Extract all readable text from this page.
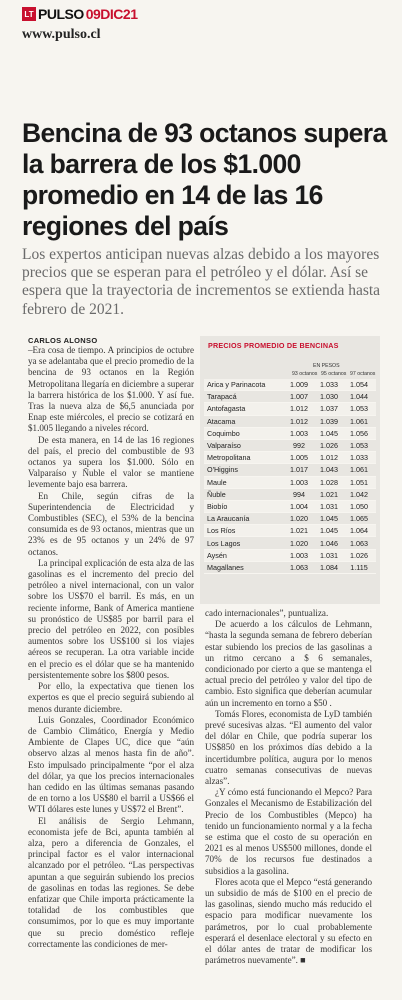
LT PULSO 09DIC21
www.pulso.cl
Bencina de 93 octanos supera la barrera de los $1.000 promedio en 14 de las 16 regiones del país

Los expertos anticipan nuevas alzas debido a los mayores precios que se esperan para el petróleo y el dólar. Así se espera que la trayectoria de incrementos se extienda hasta febrero de 2021.

CARLOS ALONSO

–Era cosa de tiempo. A principios de octubre ya se adelantaba que el precio promedio de la bencina de 93 octanos en la Región Metropolitana llegaría en diciembre a superar la barrera histórica de los $1.000. Y así fue. Tras la nueva alza de $6,5 anunciada por Enap este miércoles, el precio se cotizará en $1.005 llegando a niveles récord.

De esta manera, en 14 de las 16 regiones del país, el precio del combustible de 93 octanos ya supera los $1.000. Sólo en Valparaíso y Ñuble el valor se mantiene levemente bajo esa barrera.

En Chile, según cifras de la Superintendencia de Electricidad y Combustibles (SEC), el 53% de la bencina consumida es de 93 octanos, mientras que un 23% es de 95 octanos y un 24% de 97 octanos.

La principal explicación de esta alza de las gasolinas es el incremento del precio del petróleo a nivel internacional, con un valor sobre los US$70 el barril. Es más, en un reciente informe, Bank of America mantiene su pronóstico de US$85 por barril para el precio del petróleo en 2022, con posibles aumentos sobre los US$100 si los viajes aéreos se recuperan. La otra variable incide en el precio es el dólar que se ha mantenido persistentemente sobre los $800 pesos.

Por ello, la expectativa que tienen los expertos es que el precio seguirá subiendo al menos durante diciembre.

Luis Gonzales, Coordinador Económico de Cambio Climático, Energía y Medio Ambiente de Clapes UC, dice que “aún observo alzas al menos hasta fin de año”. Esto impulsado principalmente “por el alza del dólar, ya que los precios internacionales han cedido en las últimas semanas pasando de en torno a los US$80 el barril a US$66 el WTI dólares este lunes y US$72 el Brent”.

El análisis de Sergio Lehmann, economista jefe de Bci, apunta también al alza, pero a diferencia de Gonzales, el principal factor es el valor internacional alcanzado por el petróleo. “Las perspectivas apuntan a que seguirán subiendo los precios de gasolinas en todas las regiones. Se debe enfatizar que Chile importa prácticamente la totalidad de los combustibles que consumimos, por lo que es muy importante que su precio doméstico refleje correctamente las condiciones de mer-

PRECIOS PROMEDIO DE BENCINAS
EN PESOS
93 octanos 95 octanos 97 octanos
Arica y Parinacota	1.009	1.033	1.054
Tarapacá	1.007	1.030	1.044
Antofagasta	1.012	1.037	1.053
Atacama	1.012	1.039	1.061
Coquimbo	1.003	1.045	1.056
Valparaíso	992	1.026	1.053
Metropolitana	1.005	1.012	1.033
O'Higgins	1.017	1.043	1.061
Maule	1.003	1.028	1.051
Ñuble	994	1.021	1.042
Biobío	1.004	1.031	1.050
La Araucanía	1.020	1.045	1.065
Los Ríos	1.021	1.045	1.064
Los Lagos	1.020	1.046	1.063
Aysén	1.003	1.031	1.026
Magallanes	1.063	1.084	1.115

cado internacionales”, puntualiza.

De acuerdo a los cálculos de Lehmann, “hasta la segunda semana de febrero deberían estar subiendo los precios de las gasolinas a un ritmo cercano a $ 6 semanales, condicionado por cierto a que se mantenga el actual precio del petróleo y valor del tipo de cambio. Esto significa que deberían acumular aún un incremento en torno a $50 .

Tomás Flores, economista de LyD también prevé sucesivas alzas. “El aumento del valor del dólar en Chile, que podría superar los US$850 en los próximos días debido a la incertidumbre política, augura por lo menos cuatro semanas consecutivas de nuevas alzas”.

¿Y cómo está funcionando el Mepco? Para Gonzales el Mecanismo de Estabilización del Precio de los Combustibles (Mepco) ha tenido un funcionamiento normal y a la fecha se estima que el costo de su operación en 2021 es al menos US$500 millones, donde el 70% de los recursos fue destinados a subsidios a la gasolina.

Flores acota que el Mepco “está generando un subsidio de más de $100 en el precio de las gasolinas, siendo mucho más reducido el espacio para modificar nuevamente los parámetros, por lo cual probablemente esperará el desenlace electoral y su efecto en el dólar antes de tratar de modificar los parámetros nuevamente”. ■
